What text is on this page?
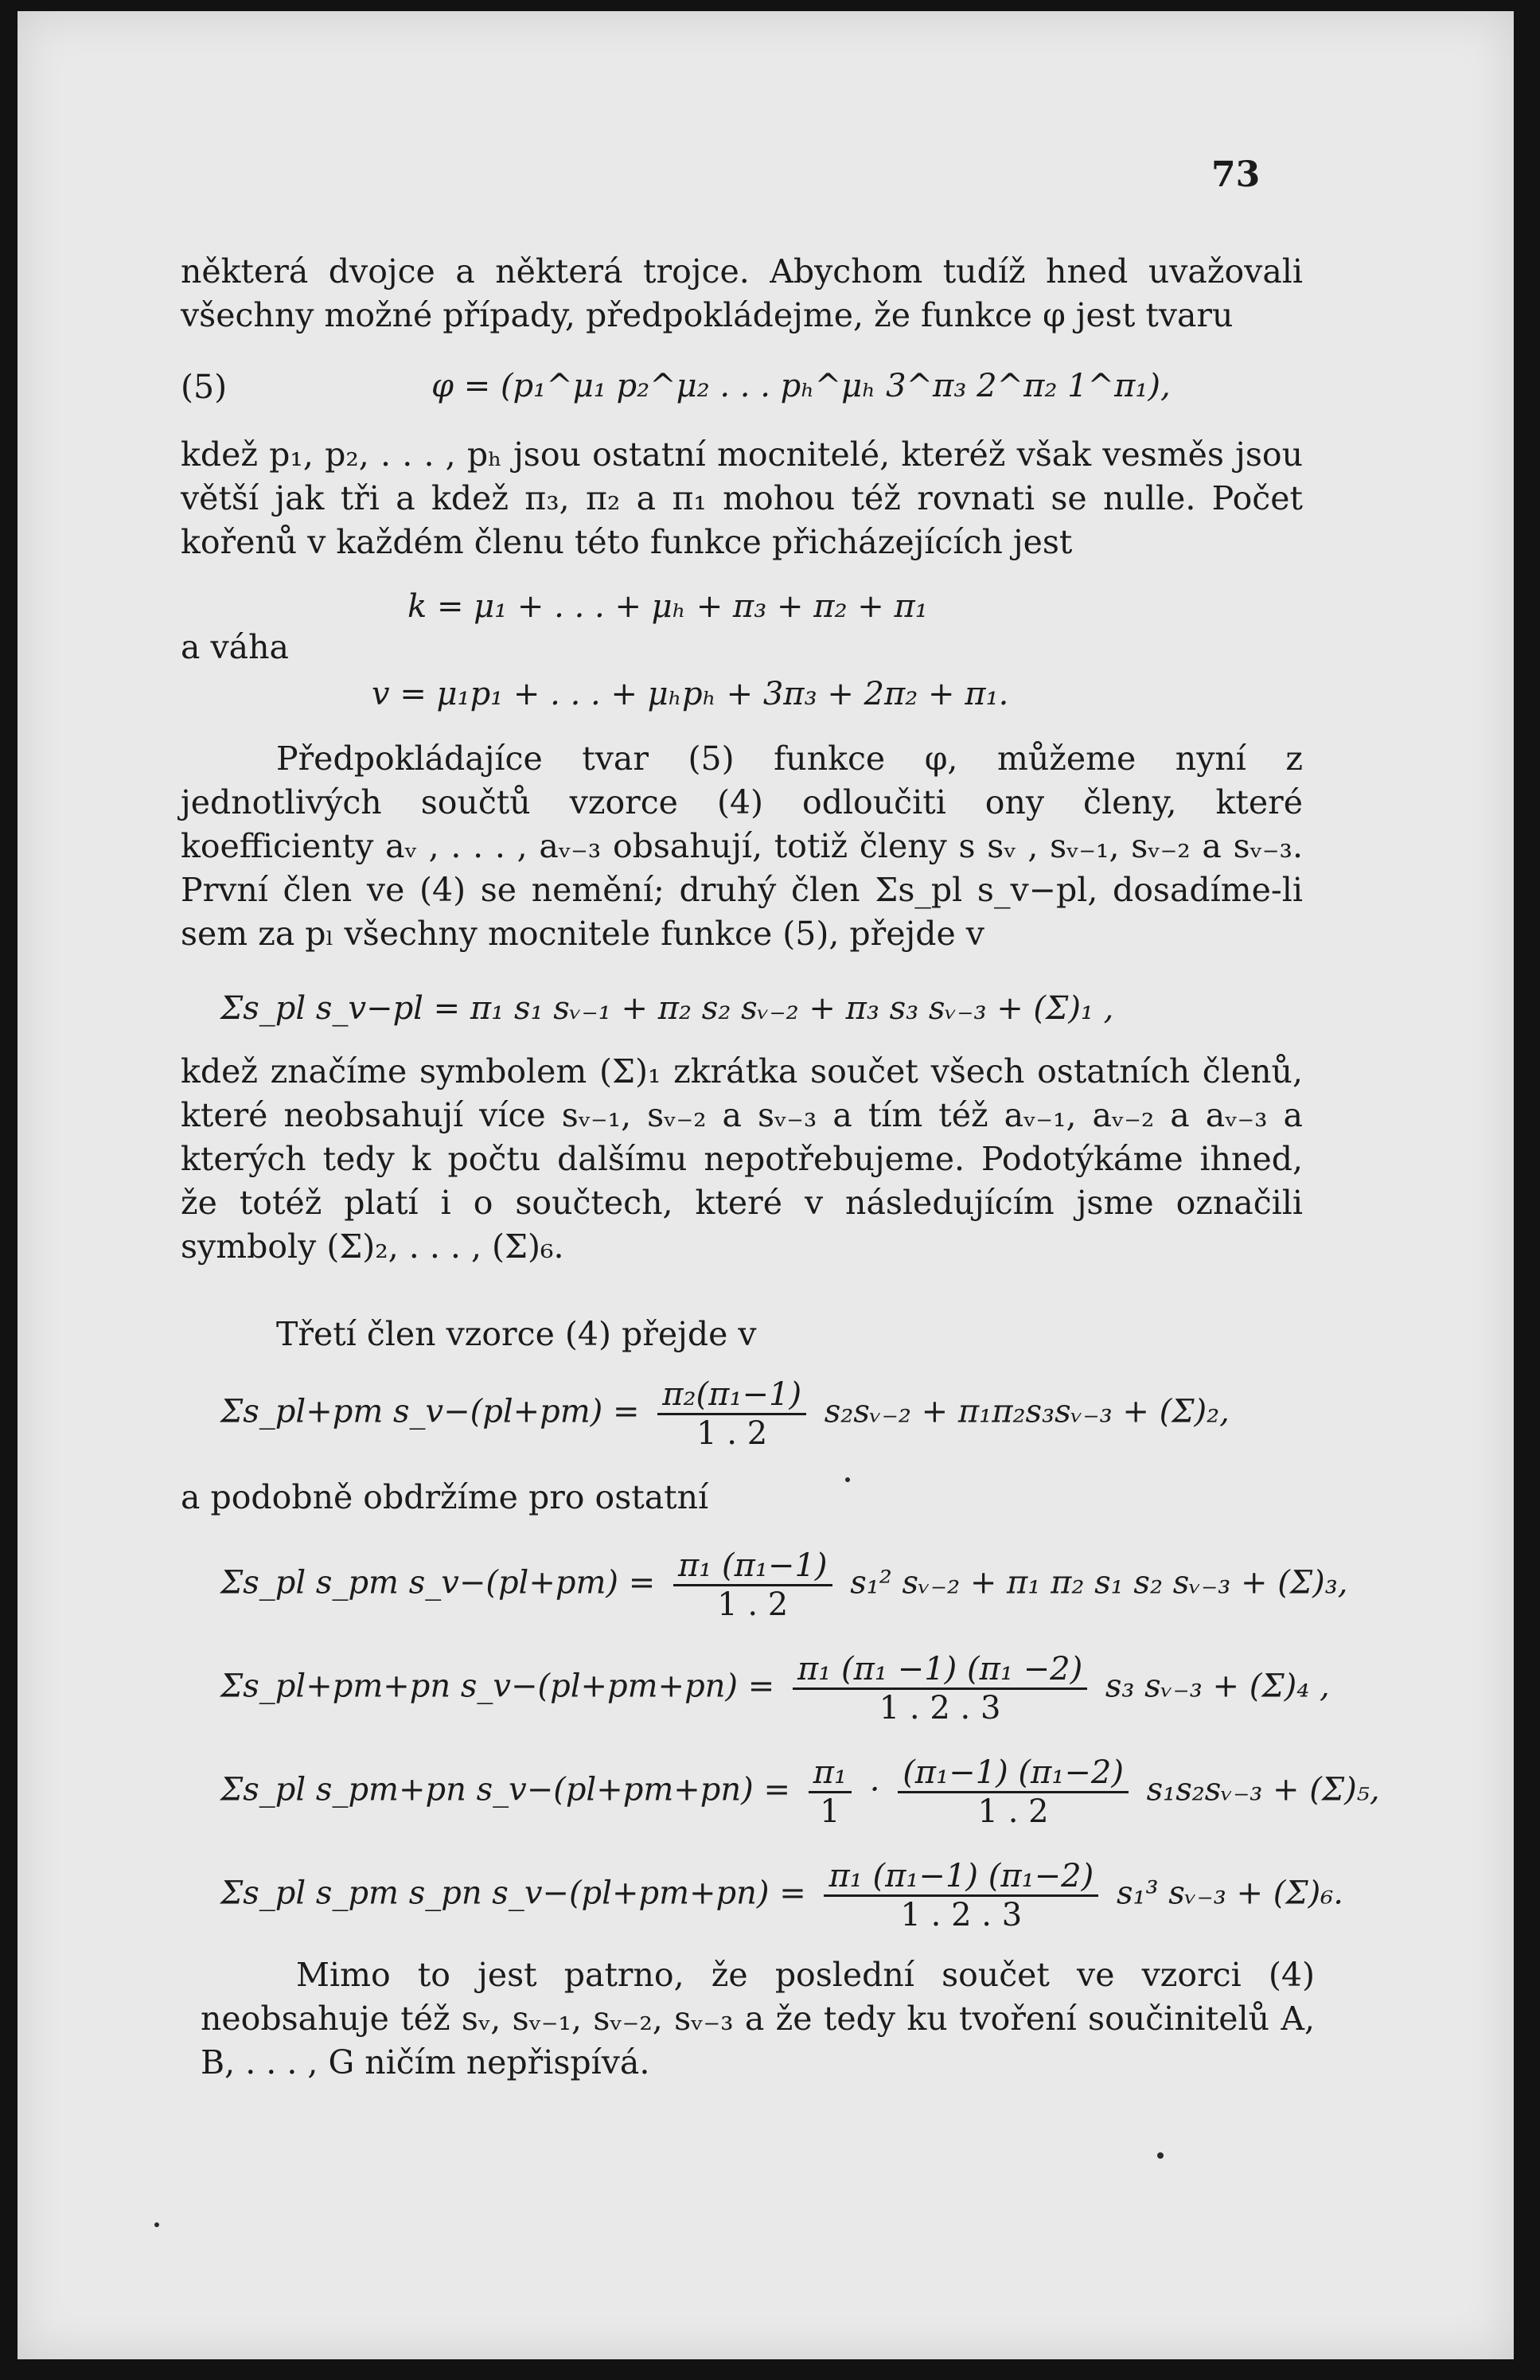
73
některá dvojce a některá trojce. Abychom tudíž hned uvažovali všechny možné případy, předpokládejme, že funkce φ jest tvaru
(5)	φ = (p₁^μ₁ p₂^μ₂ . . . pₕ^μₕ 3^π₃ 2^π₂ 1^π₁),
kdež p₁, p₂, . . . , pₕ jsou ostatní mocnitelé, kteréž však vesměs jsou větší jak tři a kdež π₃, π₂ a π₁ mohou též rovnati se nulle. Počet kořenů v každém členu této funkce přicházejících jest
k = μ₁ + . . . + μₕ + π₃ + π₂ + π₁
a váha
v = μ₁p₁ + . . . + μₕpₕ + 3π₃ + 2π₂ + π₁.
Předpokládajíce tvar (5) funkce φ, můžeme nyní z jednotlivých součtů vzorce (4) odloučiti ony členy, které koefficienty aᵥ , . . . , aᵥ₋₃ obsahují, totiž členy s sᵥ , sᵥ₋₁, sᵥ₋₂ a sᵥ₋₃. První člen ve (4) se nemění; druhý člen Σs_pl s_v−pl, dosadíme-li sem za pₗ všechny mocnitele funkce (5), přejde v
Σs_pl s_v−pl = π₁ s₁ sᵥ₋₁ + π₂ s₂ sᵥ₋₂ + π₃ s₃ sᵥ₋₃ + (Σ)₁ ,
kdež značíme symbolem (Σ)₁ zkrátka součet všech ostatních členů, které neobsahují více sᵥ₋₁, sᵥ₋₂ a sᵥ₋₃ a tím též aᵥ₋₁, aᵥ₋₂ a aᵥ₋₃ a kterých tedy k počtu dalšímu nepotřebujeme. Podotýkáme ihned, že totéž platí i o součtech, které v následujícím jsme označili symboly (Σ)₂, . . . , (Σ)₆.
Třetí člen vzorce (4) přejde v
Σs_pl+pm s_v−(pl+pm) = $\frac{\text{π₂(π₁−1)}}{1 . 2}$ s₂sᵥ₋₂ + π₁π₂s₃sᵥ₋₃ + (Σ)₂,
a podobně obdržíme pro ostatní
Σs_pl s_pm s_v−(pl+pm) = $\frac{\text{π₁ (π₁−1)}}{1 . 2} s_1^2$ sᵥ₋₂ + π₁ π₂ s₁ s₂ sᵥ₋₃ + (Σ)₃,
Σs_pl+pm+pn s_v−(pl+pm+pn) = $\frac{\text{π₁ (π₁ −1) (π₁ −2)}}{1 . 2 . 3} s_3$ sᵥ₋₃ + (Σ)₄ ,
Σs_pl s_pm+pn s_v−(pl+pm+pn) = $\frac{\text{π₁}}{1} \cdot \frac{\text{(π₁−1) (π₁−2)}}{1 . 2}$ s₁s₂sᵥ₋₃ + (Σ)₅,
Σs_pl s_pm s_pn s_v−(pl+pm+pn) = $\frac{\text{π₁ (π₁−1) (π₁−2)}}{1 . 2 . 3} s_1^3$ sᵥ₋₃ + (Σ)₆.
Mimo to jest patrno, že poslední součet ve vzorci (4) neobsahuje též sᵥ, sᵥ₋₁, sᵥ₋₂, sᵥ₋₃ a že tedy ku tvoření součinitelů A, B, . . . , G ničím nepřispívá.
